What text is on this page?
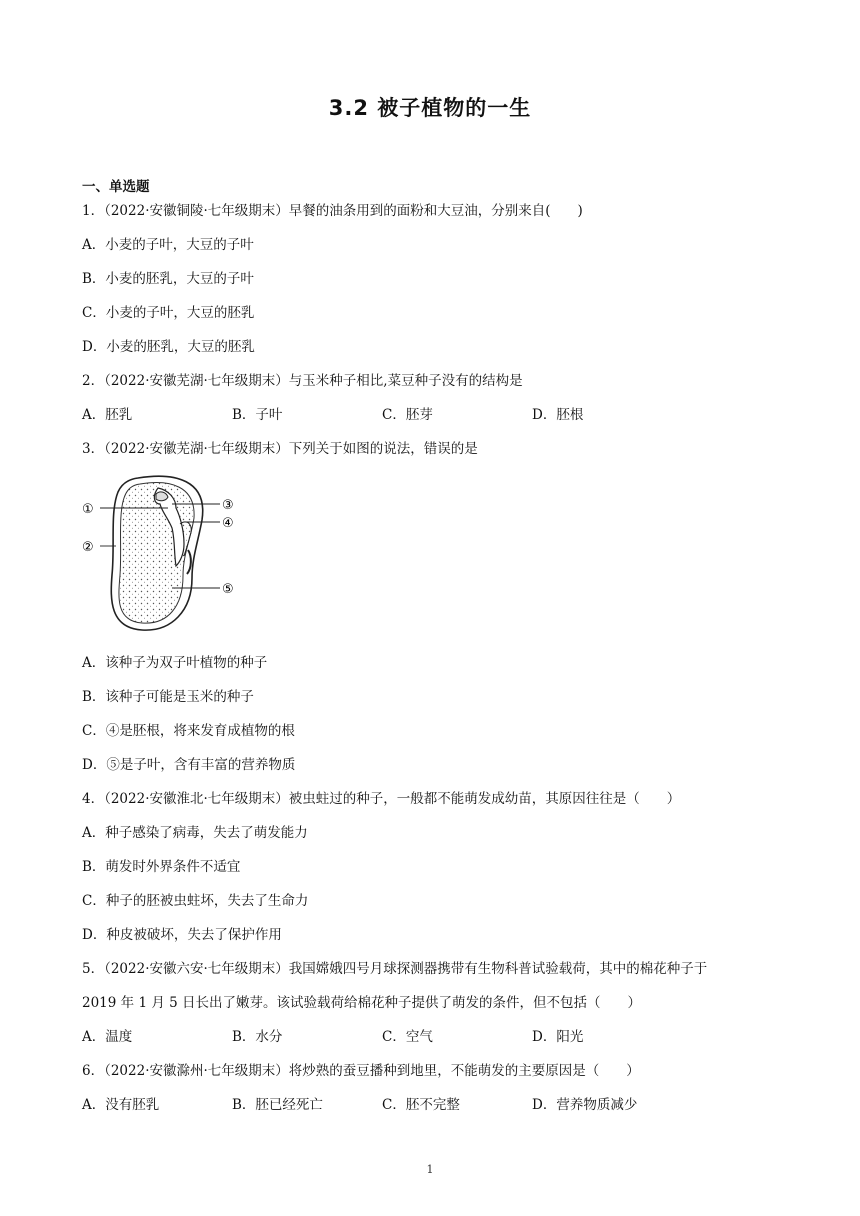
3.2 被子植物的一生
一、单选题
1．（2022·安徽铜陵·七年级期末）早餐的油条用到的面粉和大豆油，分别来自(　　)
A．小麦的子叶，大豆的子叶
B．小麦的胚乳，大豆的子叶
C．小麦的子叶，大豆的胚乳
D．小麦的胚乳，大豆的胚乳
2．（2022·安徽芜湖·七年级期末）与玉米种子相比,菜豆种子没有的结构是
A．胚乳	B．子叶	C．胚芽	D．胚根
3．（2022·安徽芜湖·七年级期末）下列关于如图的说法，错误的是
①
②
③
④
⑤
A．该种子为双子叶植物的种子
B．该种子可能是玉米的种子
C．④是胚根，将来发育成植物的根
D．⑤是子叶，含有丰富的营养物质
4．（2022·安徽淮北·七年级期末）被虫蛀过的种子，一般都不能萌发成幼苗，其原因往往是（　　）
A．种子感染了病毒，失去了萌发能力
B．萌发时外界条件不适宜
C．种子的胚被虫蛀坏，失去了生命力
D．种皮被破坏，失去了保护作用
5．（2022·安徽六安·七年级期末）我国嫦娥四号月球探测器携带有生物科普试验载荷，其中的棉花种子于
2019 年 1 月 5 日长出了嫩芽。该试验载荷给棉花种子提供了萌发的条件，但不包括（　　）
A．温度	B．水分	C．空气	D．阳光
6．（2022·安徽滁州·七年级期末）将炒熟的蚕豆播种到地里，不能萌发的主要原因是（　　）
A．没有胚乳	B．胚已经死亡	C．胚不完整	D．营养物质减少
1
